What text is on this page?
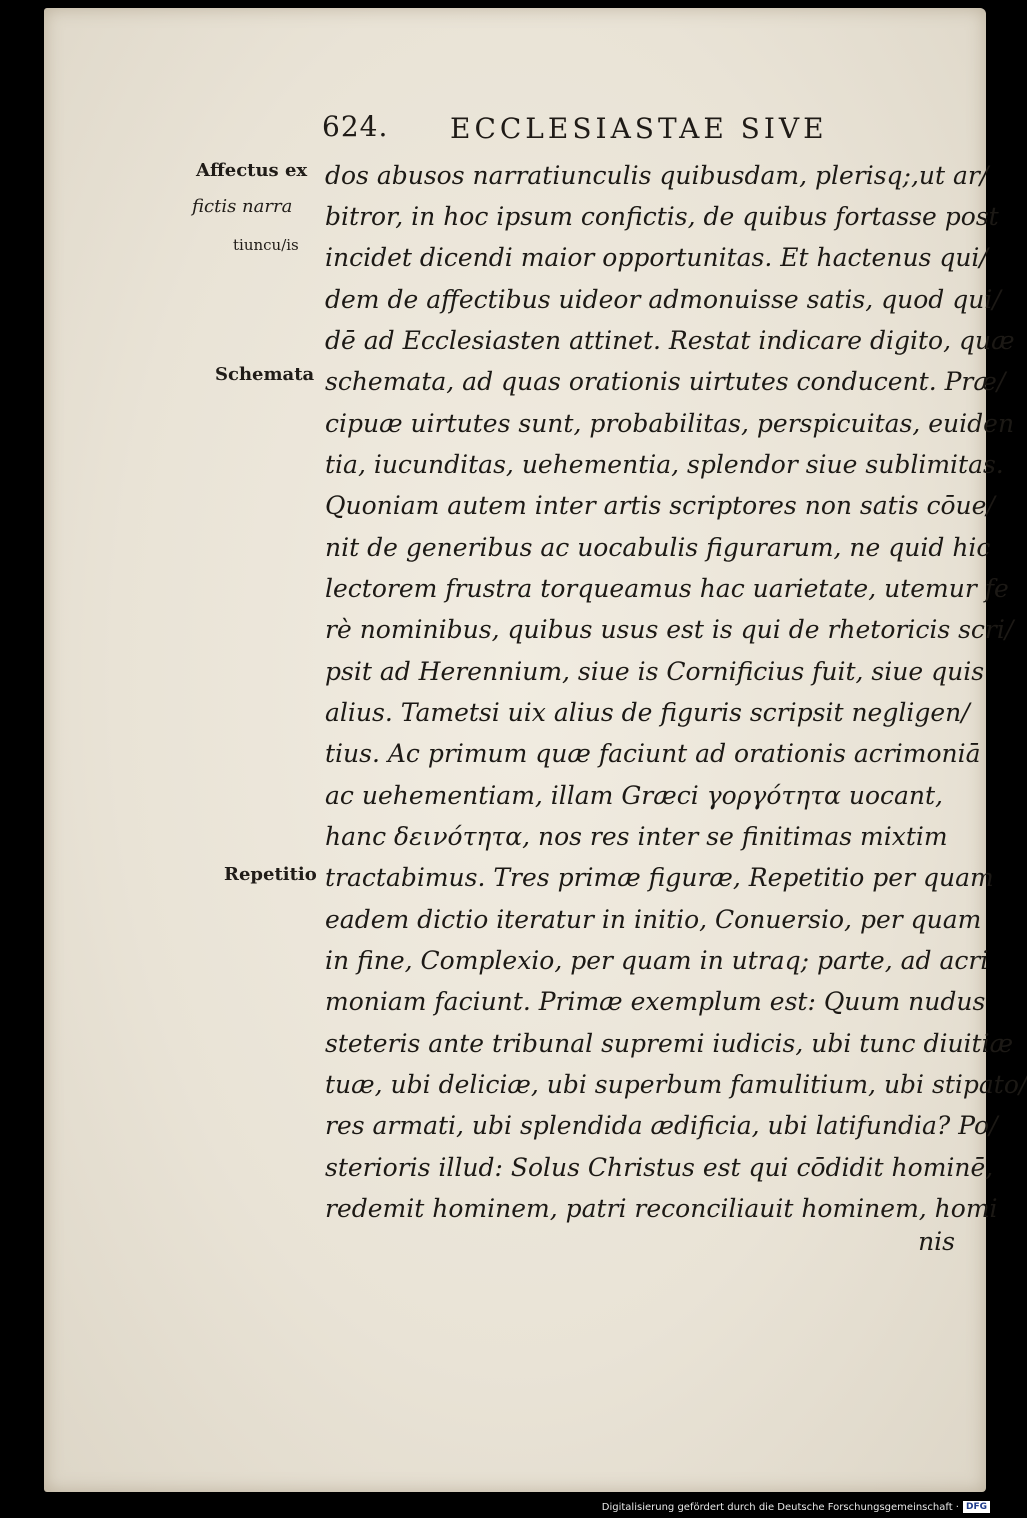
624. ECCLESIASTAE SIVE
Affectus ex
fictis narra
tiuncu/is
Schemata
Repetitio
dos abusos narratiunculis quibusdam, plerisq;,ut ar/
bitror, in hoc ipsum confictis, de quibus fortasse post
incidet dicendi maior opportunitas. Et hactenus qui/
dem de affectibus uideor admonuisse satis, quod qui/
dē ad Ecclesiasten attinet. Restat indicare digito, quæ
schemata, ad quas orationis uirtutes conducent. Præ/
cipuæ uirtutes sunt, probabilitas, perspicuitas, euiden
tia, iucunditas, uehementia, splendor siue sublimitas.
Quoniam autem inter artis scriptores non satis cōue/
nit de generibus ac uocabulis figurarum, ne quid hic
lectorem frustra torqueamus hac uarietate, utemur fe
rè nominibus, quibus usus est is qui de rhetoricis scri/
psit ad Herennium, siue is Cornificius fuit, siue quis
alius. Tametsi uix alius de figuris scripsit negligen/
tius. Ac primum quæ faciunt ad orationis acrimoniā
ac uehementiam, illam Græci γοργότητα uocant,
hanc δεινότητα, nos res inter se finitimas mixtim
tractabimus. Tres primæ figuræ, Repetitio per quam
eadem dictio iteratur in initio, Conuersio, per quam
in fine, Complexio, per quam in utraq; parte, ad acri
moniam faciunt. Primæ exemplum est: Quum nudus
steteris ante tribunal supremi iudicis, ubi tunc diuitiæ
tuæ, ubi deliciæ, ubi superbum famulitium, ubi stipato/
res armati, ubi splendida ædificia, ubi latifundia? Po/
sterioris illud: Solus Christus est qui cōdidit hominē,
redemit hominem, patri reconciliauit hominem, homi
nis
Digitalisierung gefördert durch die Deutsche Forschungsgemeinschaft · DFG
